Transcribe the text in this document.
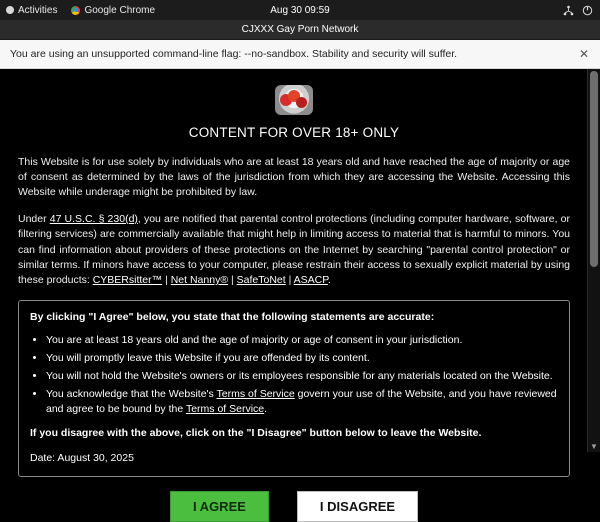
Activities	Google Chrome	Aug 30 09:59
CJXXX Gay Porn Network
You are using an unsupported command-line flag: --no-sandbox. Stability and security will suffer.	✕
CONTENT FOR OVER 18+ ONLY

This Website is for use solely by individuals who are at least 18 years old and have reached the age of majority or age of consent as determined by the laws of the jurisdiction from which they are accessing the Website. Accessing this Website while underage might be prohibited by law.

Under 47 U.S.C. § 230(d), you are notified that parental control protections (including computer hardware, software, or filtering services) are commercially available that might help in limiting access to material that is harmful to minors. You can find information about providers of these protections on the Internet by searching "parental control protection" or similar terms. If minors have access to your computer, please restrain their access to sexually explicit material by using these products: CYBERsitter™ | Net Nanny® | SafeToNet | ASACP.

By clicking "I Agree" below, you state that the following statements are accurate:

• You are at least 18 years old and the age of majority or age of consent in your jurisdiction.
• You will promptly leave this Website if you are offended by its content.
• You will not hold the Website's owners or its employees responsible for any materials located on the Website.
• You acknowledge that the Website's Terms of Service govern your use of the Website, and you have reviewed and agree to be bound by the Terms of Service.

If you disagree with the above, click on the "I Disagree" button below to leave the Website.

Date: August 30, 2025

I AGREE	I DISAGREE
▼
